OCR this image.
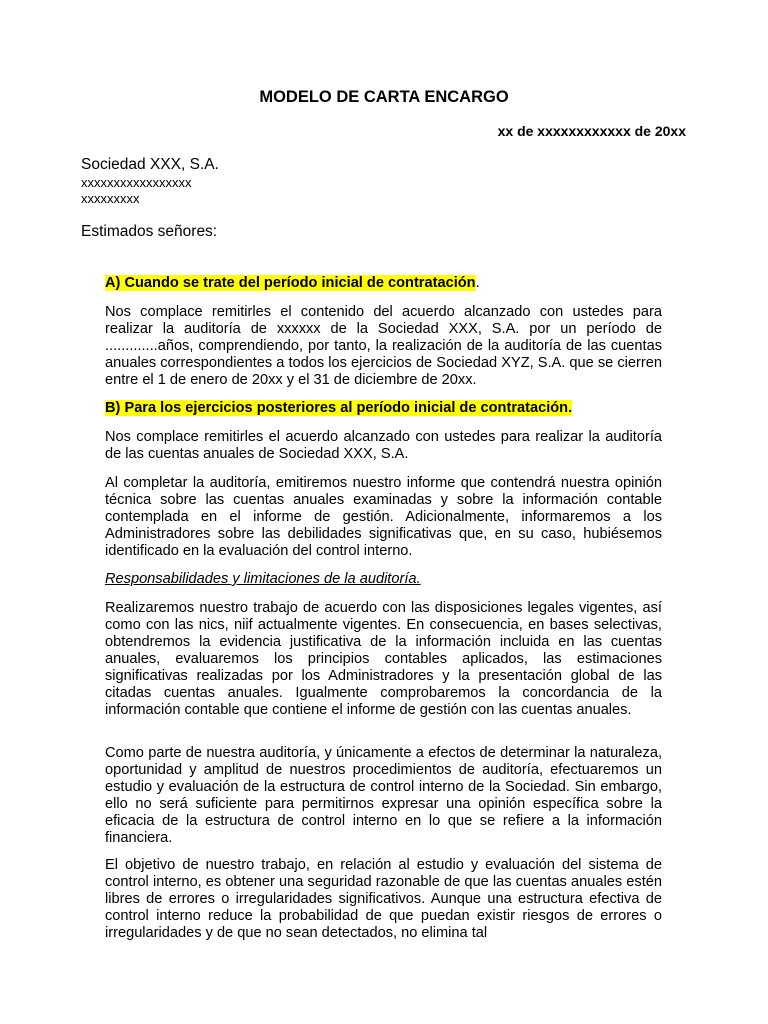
MODELO DE CARTA ENCARGO
xx de xxxxxxxxxxxx de 20xx
Sociedad XXX, S.A.
xxxxxxxxxxxxxxxxx
xxxxxxxxx
Estimados señores:
A) Cuando se trate del período inicial de contratación.
Nos complace remitirles el contenido del acuerdo alcanzado con ustedes para realizar la auditoría de xxxxxx de la Sociedad XXX, S.A. por un período de .............años, comprendiendo, por tanto, la realización de la auditoría de las cuentas anuales correspondientes a todos los ejercicios de Sociedad XYZ, S.A. que se cierren entre el 1 de enero de 20xx y el 31 de diciembre de 20xx.
B) Para los ejercicios posteriores al período inicial de contratación.
Nos complace remitirles el acuerdo alcanzado con ustedes para realizar la auditoría de las cuentas anuales de Sociedad XXX, S.A.
Al completar la auditoría, emitiremos nuestro informe que contendrá nuestra opinión técnica sobre las cuentas anuales examinadas y sobre la información contable contemplada en el informe de gestión. Adicionalmente, informaremos a los Administradores sobre las debilidades significativas que, en su caso, hubiésemos identificado en la evaluación del control interno.
Responsabilidades y limitaciones de la auditoría.
Realizaremos nuestro trabajo de acuerdo con las disposiciones legales vigentes, así como con las nics, niif actualmente vigentes. En consecuencia, en bases selectivas, obtendremos la evidencia justificativa de la información incluida en las cuentas anuales, evaluaremos los principios contables aplicados, las estimaciones significativas realizadas por los Administradores y la presentación global de las citadas cuentas anuales. Igualmente comprobaremos la concordancia de la información contable que contiene el informe de gestión con las cuentas anuales.
Como parte de nuestra auditoría, y únicamente a efectos de determinar la naturaleza, oportunidad y amplitud de nuestros procedimientos de auditoría, efectuaremos un estudio y evaluación de la estructura de control interno de la Sociedad. Sin embargo, ello no será suficiente para permitirnos expresar una opinión específica sobre la eficacia de la estructura de control interno en lo que se refiere a la información financiera.
El objetivo de nuestro trabajo, en relación al estudio y evaluación del sistema de control interno, es obtener una seguridad razonable de que las cuentas anuales estén libres de errores o irregularidades significativos. Aunque una estructura efectiva de control interno reduce la probabilidad de que puedan existir riesgos de errores o irregularidades y de que no sean detectados, no elimina tal
